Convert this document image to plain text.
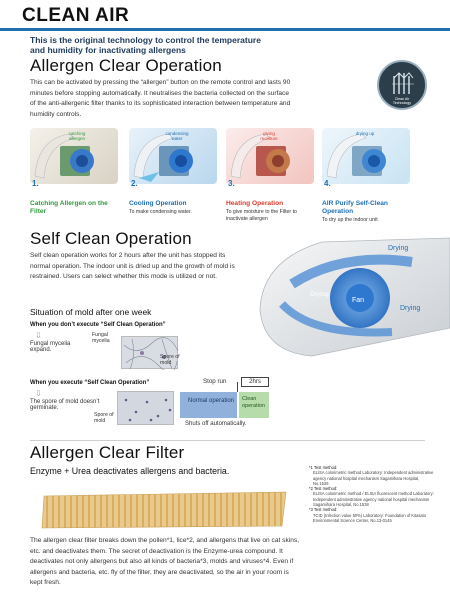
CLEAN AIR
This is the original technology to control the temperature and humidity for inactivating allergens
Allergen Clear Operation
This can be activated by pressing the “allergen” button on the remote control and lasts 90 minutes before stopping automatically. It neutralises the bacteria collected on the surface of the anti-allergenic filter thanks to its sophisticated interaction between temperature and humidity controls.
Clean Air
Technology
catching allergen
condensing water
giving moisture
drying up
1.	2.	3.	4.
Catching Allergen on the Filter
Cooling Operation
To make condensing water.
Heating Operation
To give moisture to the Filter to inactivate allergen
AIR Purify Self-Clean Operation
To dry up the indoor unit
Self Clean Operation
Self clean operation works for 2 hours after the unit has stopped its normal operation. The indoor unit is dried up and the growth of mold is restrained. Users can select whether this mode is utilized or not.
Drying
Drying
Fan
Drying
Situation of mold after one week
When you don’t execute “Self Clean Operation”
⇩
Fungal mycelia expand.
Fungal mycelia
Spore of mold
When you execute “Self Clean Operation”
⇩
The spore of mold doesn’t germinate.
Spore of mold
Stop run	2hrs
Normal operation	Clean operation
Shuts off automatically.
Allergen Clear Filter
Enzyme + Urea deactivates allergens and bacteria.
The allergen clear filter breaks down the pollen*1, lice*2, and allergens that live on cat skins, etc. and deactivates them. The secret of deactivation is the Enzyme-urea compound. It deactivates not only allergens but also all kinds of bacteria*3, molds and viruses*4. Even if allergens and bacteria, etc. fly of the filter, they are deactivated, so the air in your room is kept fresh.
*1 Test method:
ELISA colorimetric method Laboratory: Independent administrative agency national hospital mechanism Sagamihara Hospital, No.1536
*2 Test method:
ELISA colorimetric method / ELISA fluorescent method Laboratory: Independent administrative agency national hospital mechanism Sagamihara Hospital, No.1538
*3 Test method:
TCID (Infection value 50%) Laboratory: Foundation of Kitasato Environmental Science Center, No.13-0145
